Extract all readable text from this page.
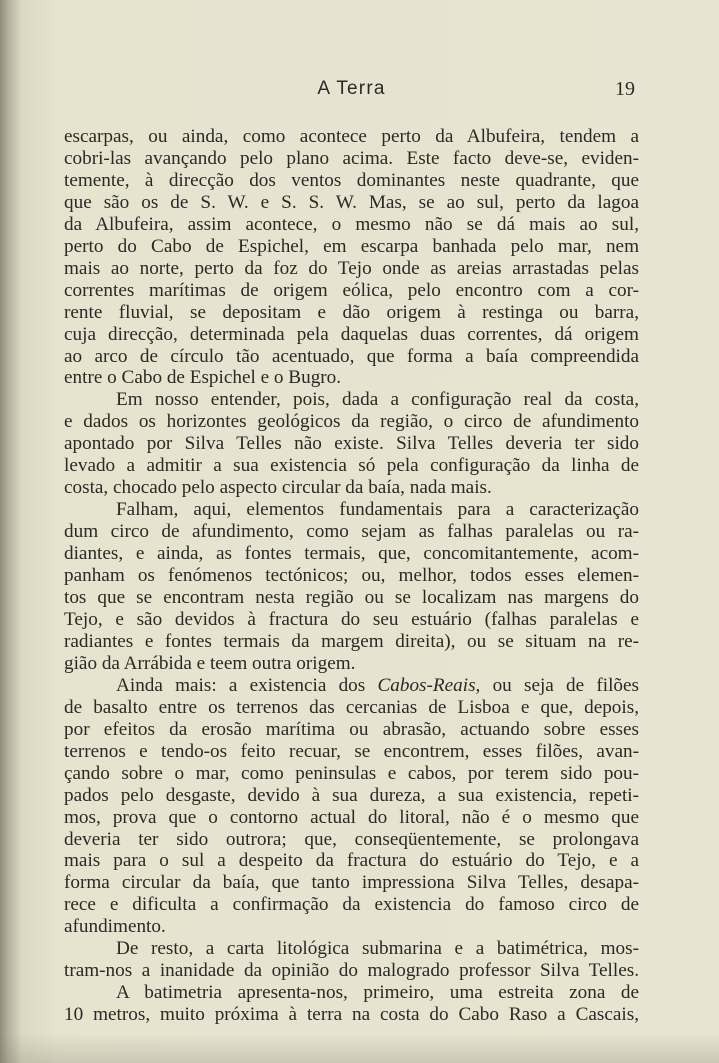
A Terra	19

escarpas, ou ainda, como acontece perto da Albufeira, tendem a
cobri-las avançando pelo plano acima. Este facto deve-se, eviden-
temente, à direcção dos ventos dominantes neste quadrante, que
que são os de S. W. e S. S. W. Mas, se ao sul, perto da lagoa
da Albufeira, assim acontece, o mesmo não se dá mais ao sul,
perto do Cabo de Espichel, em escarpa banhada pelo mar, nem
mais ao norte, perto da foz do Tejo onde as areias arrastadas pelas
correntes marítimas de origem eólica, pelo encontro com a cor-
rente fluvial, se depositam e dão origem à restinga ou barra,
cuja direcção, determinada pela daquelas duas correntes, dá origem
ao arco de círculo tão acentuado, que forma a baía compreendida
entre o Cabo de Espichel e o Bugro.

Em nosso entender, pois, dada a configuração real da costa,
e dados os horizontes geológicos da região, o circo de afundimento
apontado por Silva Telles não existe. Silva Telles deveria ter sido
levado a admitir a sua existencia só pela configuração da linha de
costa, chocado pelo aspecto circular da baía, nada mais.

Falham, aqui, elementos fundamentais para a caracterização
dum circo de afundimento, como sejam as falhas paralelas ou ra-
diantes, e ainda, as fontes termais, que, concomitantemente, acom-
panham os fenómenos tectónicos; ou, melhor, todos esses elemen-
tos que se encontram nesta região ou se localizam nas margens do
Tejo, e são devidos à fractura do seu estuário (falhas paralelas e
radiantes e fontes termais da margem direita), ou se situam na re-
gião da Arrábida e teem outra origem.

Ainda mais: a existencia dos Cabos-Reais, ou seja de filões
de basalto entre os terrenos das cercanias de Lisboa e que, depois,
por efeitos da erosão marítima ou abrasão, actuando sobre esses
terrenos e tendo-os feito recuar, se encontrem, esses filões, avan-
çando sobre o mar, como peninsulas e cabos, por terem sido pou-
pados pelo desgaste, devido à sua dureza, a sua existencia, repeti-
mos, prova que o contorno actual do litoral, não é o mesmo que
deveria ter sido outrora; que, conseqüentemente, se prolongava
mais para o sul a despeito da fractura do estuário do Tejo, e a
forma circular da baía, que tanto impressiona Silva Telles, desapa-
rece e dificulta a confirmação da existencia do famoso circo de
afundimento.

De resto, a carta litológica submarina e a batimétrica, mos-
tram-nos a inanidade da opinião do malogrado professor Silva Telles.

A batimetria apresenta-nos, primeiro, uma estreita zona de
10 metros, muito próxima à terra na costa do Cabo Raso a Cascais,
